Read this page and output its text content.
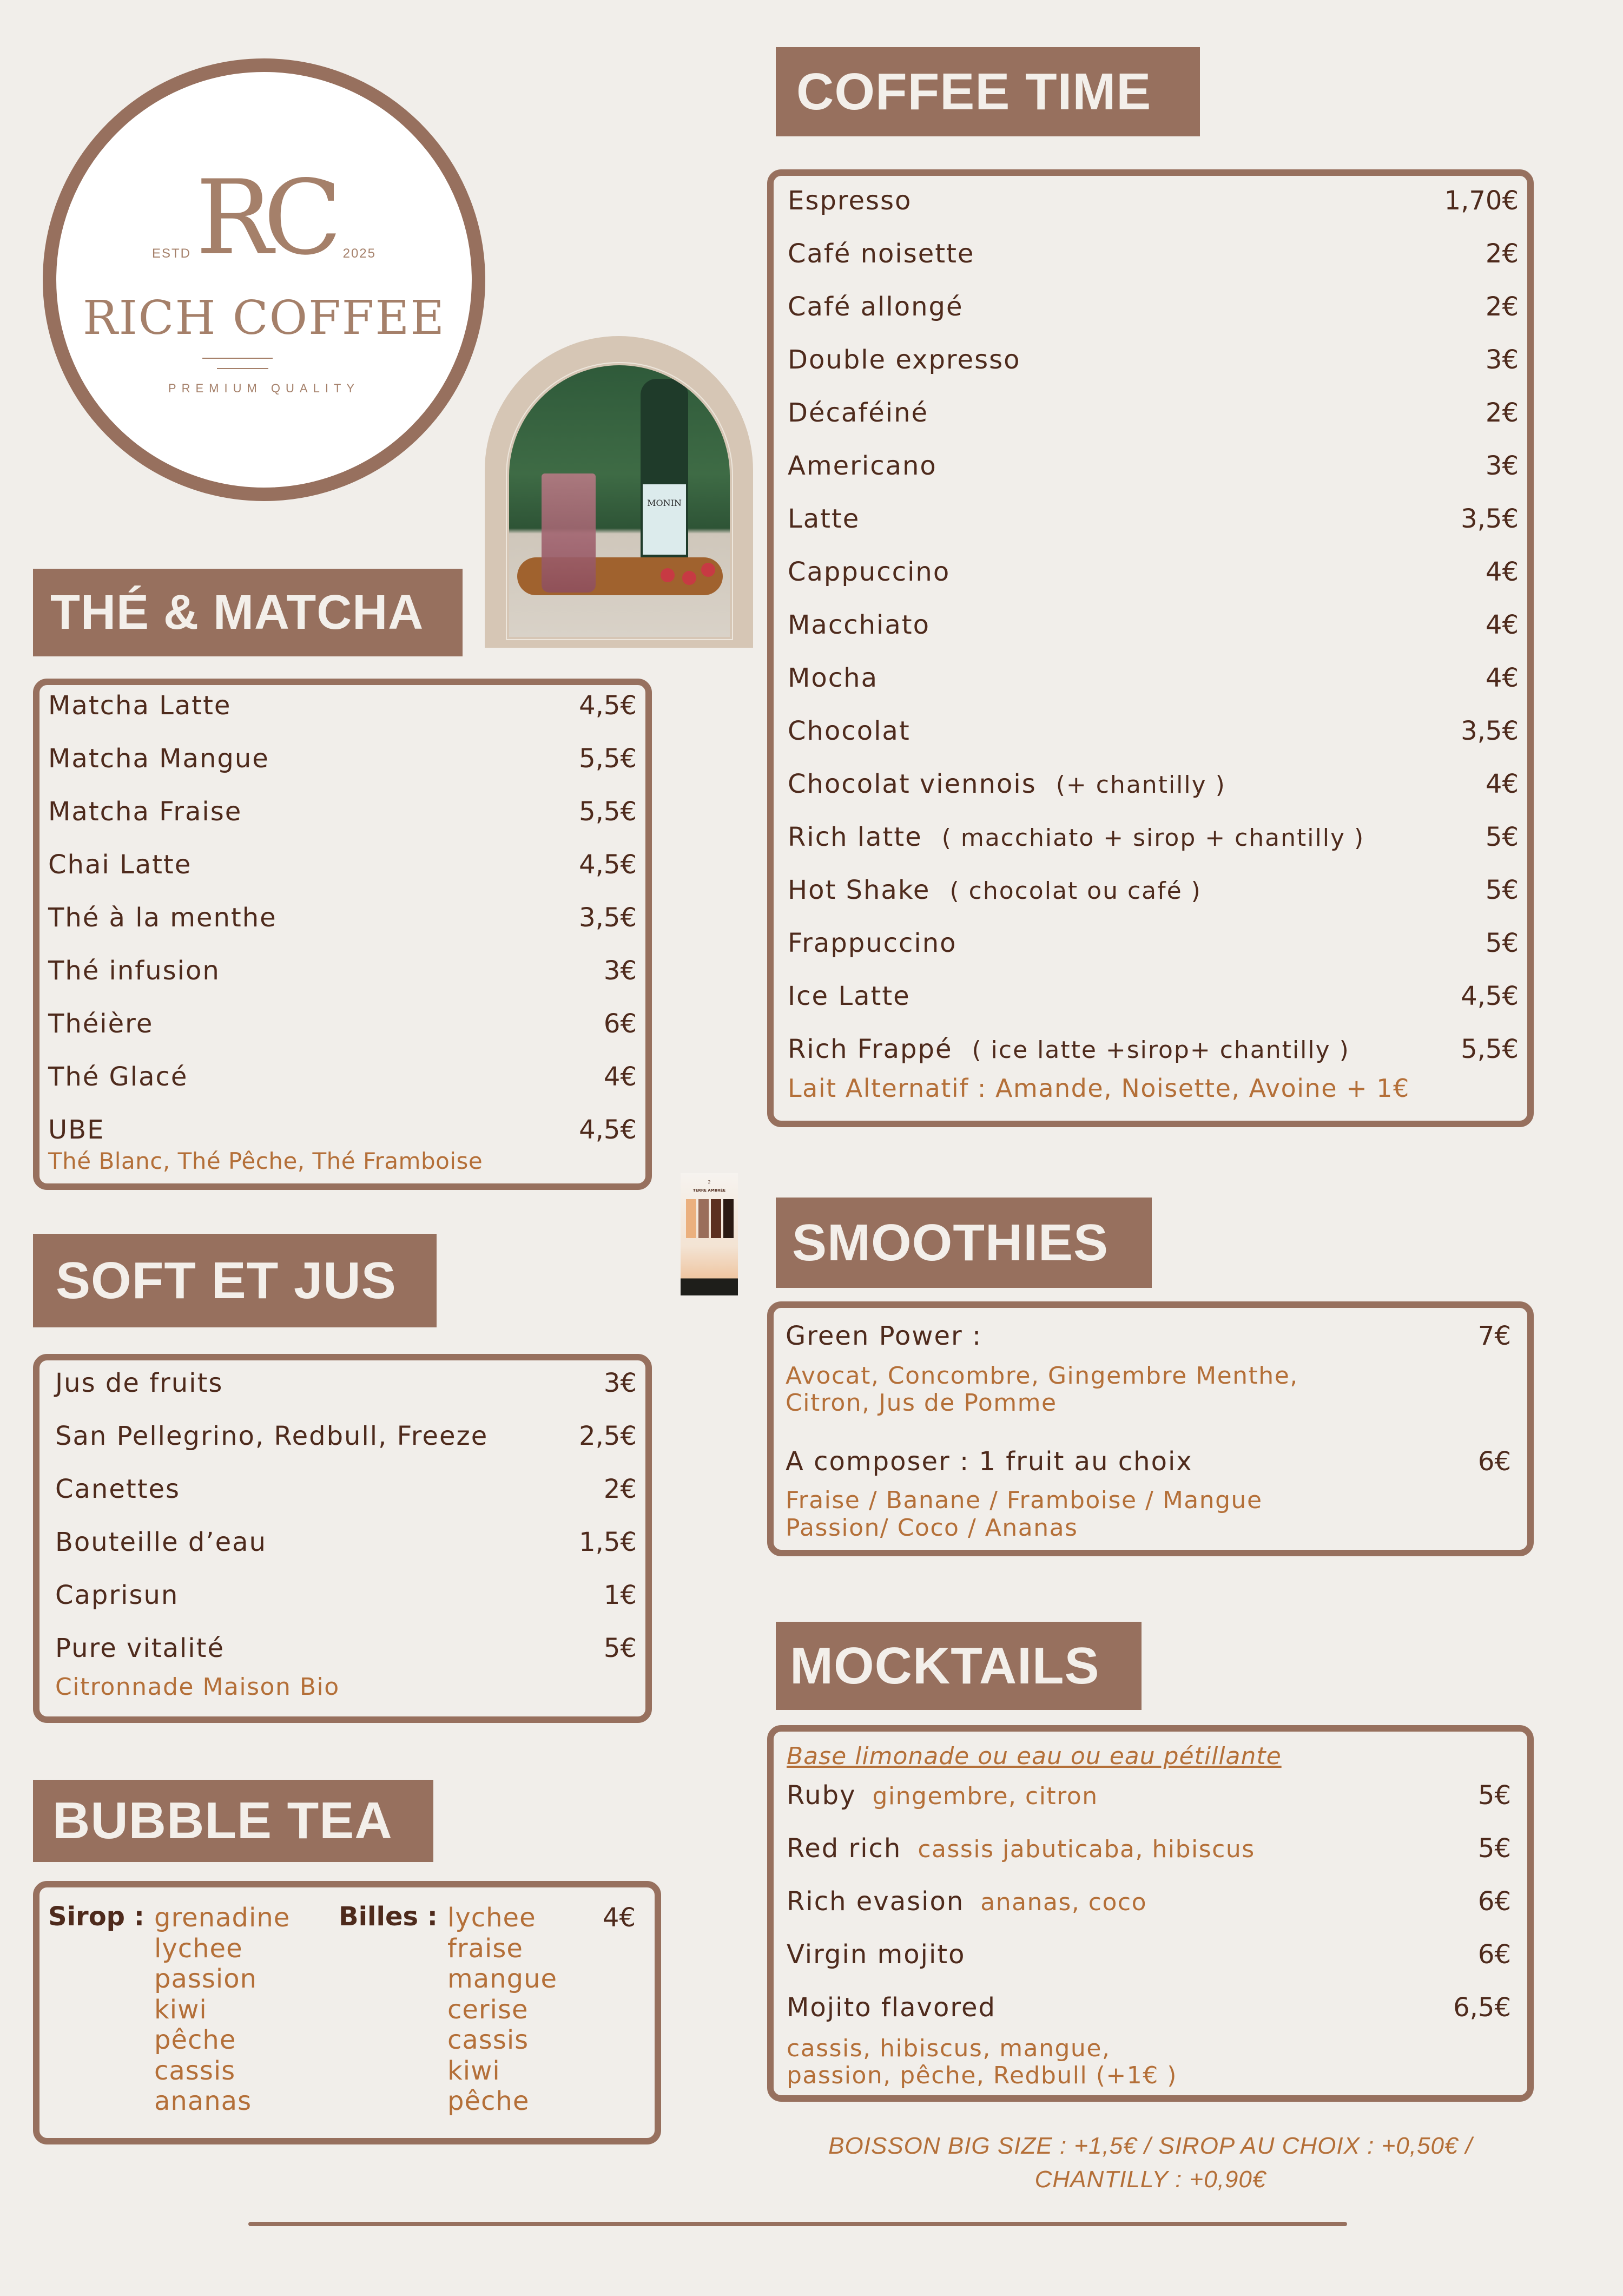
RC
ESTD	2025
RICH COFFEE
PREMIUM QUALITY
MONIN
2
TERRE AMBRÉE
COFFEE TIME
Espresso	1,70€
Café noisette	2€
Café allongé	2€
Double expresso	3€
Décaféiné	2€
Americano	3€
Latte	3,5€
Cappuccino	4€
Macchiato	4€
Mocha	4€
Chocolat	3,5€
Chocolat viennois (+ chantilly )	4€
Rich latte ( macchiato + sirop + chantilly )	5€
Hot Shake ( chocolat ou café )	5€
Frappuccino	5€
Ice Latte	4,5€
Rich Frappé ( ice latte +sirop+ chantilly )	5,5€
Lait Alternatif : Amande, Noisette, Avoine + 1€
THÉ & MATCHA
Matcha Latte	4,5€
Matcha Mangue	5,5€
Matcha Fraise	5,5€
Chai Latte	4,5€
Thé à la menthe	3,5€
Thé infusion	3€
Théière	6€
Thé Glacé	4€
UBE	4,5€
Thé Blanc, Thé Pêche, Thé Framboise
SOFT ET JUS
Jus de fruits	3€
San Pellegrino, Redbull, Freeze	2,5€
Canettes	2€
Bouteille d’eau	1,5€
Caprisun	1€
Pure vitalité	5€
Citronnade Maison Bio
BUBBLE TEA
Sirop : grenadine
lychee
passion
kiwi
pêche
cassis
ananas
Billes : lychee
fraise
mangue
cerise
cassis
kiwi
pêche
4€
SMOOTHIES
Green Power :	7€
Avocat, Concombre, Gingembre Menthe,
Citron, Jus de Pomme
A composer : 1 fruit au choix	6€
Fraise / Banane / Framboise / Mangue
Passion/ Coco / Ananas
MOCKTAILS
Base limonade ou eau ou eau pétillante
Ruby gingembre, citron	5€
Red rich cassis jabuticaba, hibiscus	5€
Rich evasion ananas, coco	6€
Virgin mojito	6€
Mojito flavored	6,5€
cassis, hibiscus, mangue,
passion, pêche, Redbull (+1€ )
BOISSON BIG SIZE : +1,5€ / SIROP AU CHOIX : +0,50€ /
CHANTILLY : +0,90€
